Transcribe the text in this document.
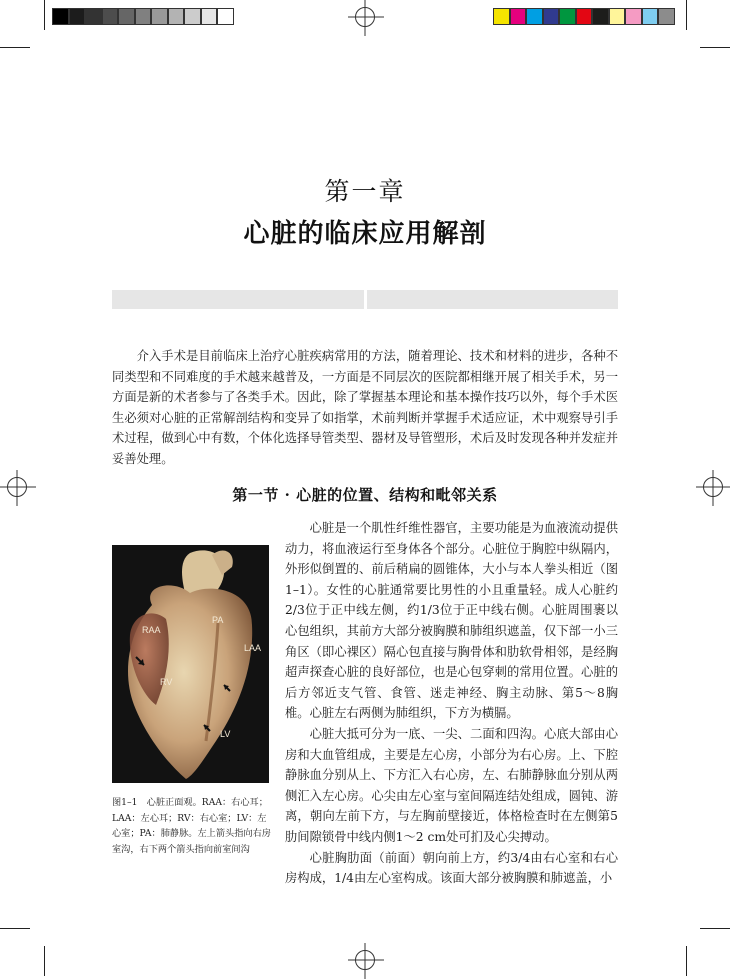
第一章
心脏的临床应用解剖

介入手术是目前临床上治疗心脏疾病常用的方法，随着理论、技术和材料的进步，各种不同类型和不同难度的手术越来越普及，一方面是不同层次的医院都相继开展了相关手术，另一方面是新的术者参与了各类手术。因此，除了掌握基本理论和基本操作技巧以外，每个手术医生必须对心脏的正常解剖结构和变异了如指掌，术前判断并掌握手术适应证，术中观察导引手术过程，做到心中有数，个体化选择导管类型、器材及导管塑形，术后及时发现各种并发症并妥善处理。

第一节 · 心脏的位置、结构和毗邻关系

心脏是一个肌性纤维性器官，主要功能是为血液流动提供动力，将血液运行至身体各个部分。心脏位于胸腔中纵隔内，外形似倒置的、前后稍扁的圆锥体，大小与本人拳头相近（图1–1）。女性的心脏通常要比男性的小且重量轻。成人心脏约2/3位于正中线左侧，约1/3位于正中线右侧。心脏周围裹以心包组织，其前方大部分被胸膜和肺组织遮盖，仅下部一小三角区（即心裸区）隔心包直接与胸骨体和肋软骨相邻，是经胸超声探查心脏的良好部位，也是心包穿刺的常用位置。心脏的后方邻近支气管、食管、迷走神经、胸主动脉、第5～8胸椎。心脏左右两侧为肺组织，下方为横膈。

心脏大抵可分为一底、一尖、二面和四沟。心底大部由心房和大血管组成，主要是左心房，小部分为右心房。上、下腔静脉血分别从上、下方汇入右心房，左、右肺静脉血分别从两侧汇入左心房。心尖由左心室与室间隔连结处组成，圆钝、游离，朝向左前下方，与左胸前壁接近，体格检查时在左侧第5肋间隙锁骨中线内侧1～2 cm处可扪及心尖搏动。

心脏胸肋面（前面）朝向前上方，约3/4由右心室和右心房构成，1/4由左心室构成。该面大部分被胸膜和肺遮盖，小

RAA
PA
LAA
RV
LV

图1–1　心脏正面观。RAA：右心耳；LAA：左心耳；RV：右心室；LV：左心室；PA：肺静脉。左上箭头指向右房室沟，右下两个箭头指向前室间沟
